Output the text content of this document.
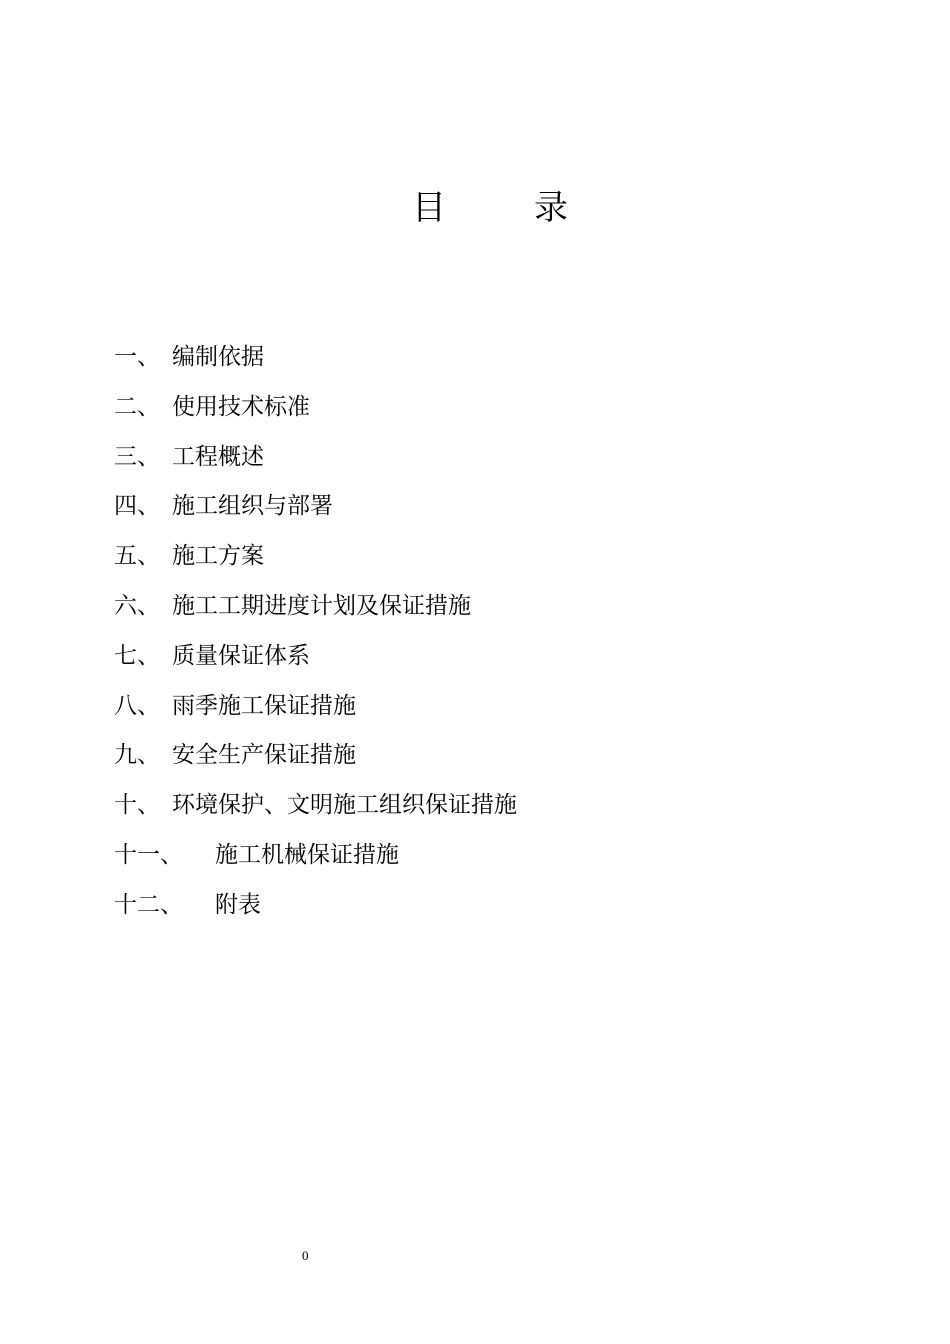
目	录
一、 编制依据
二、 使用技术标准
三、 工程概述
四、 施工组织与部署
五、 施工方案
六、 施工工期进度计划及保证措施
七、 质量保证体系
八、 雨季施工保证措施
九、 安全生产保证措施
十、 环境保护、文明施工组织保证措施
十一、 施工机械保证措施
十二、 附表
0
